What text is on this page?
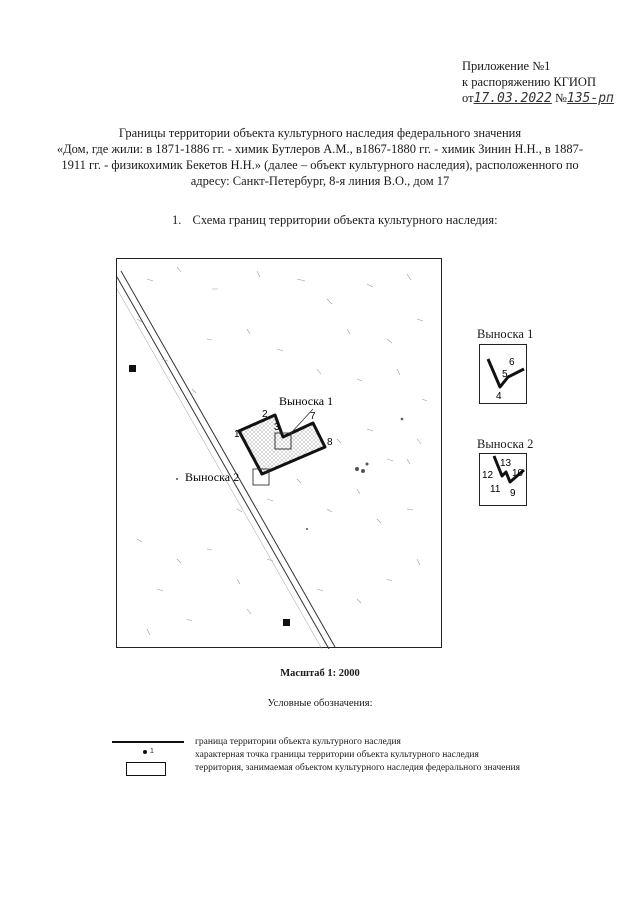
Приложение №1
к распоряжению КГИОП
от17.03.2022 №135-рп
Границы территории объекта культурного наследия федерального значения
«Дом, где жили: в 1871-1886 гг. - химик Бутлеров А.М., в1867-1880 гг. - химик Зинин Н.Н., в 1887-
1911 гг. - физикохимик Бекетов Н.Н.» (далее – объект культурного наследия), расположенного по
адресу: Санкт-Петербург, 8-я линия В.О., дом 17
1. Схема границ территории объекта культурного наследия:
Выноска 1
Выноска 2
1
2
3
7
8
Выноска 1
6
5
4
Выноска 2
13
12 10
11 9
Масштаб 1: 2000
Условные обозначения:
граница территории объекта культурного наследия
1	характерная точка границы территории объекта культурного наследия
территория, занимаемая объектом культурного наследия федерального значения
